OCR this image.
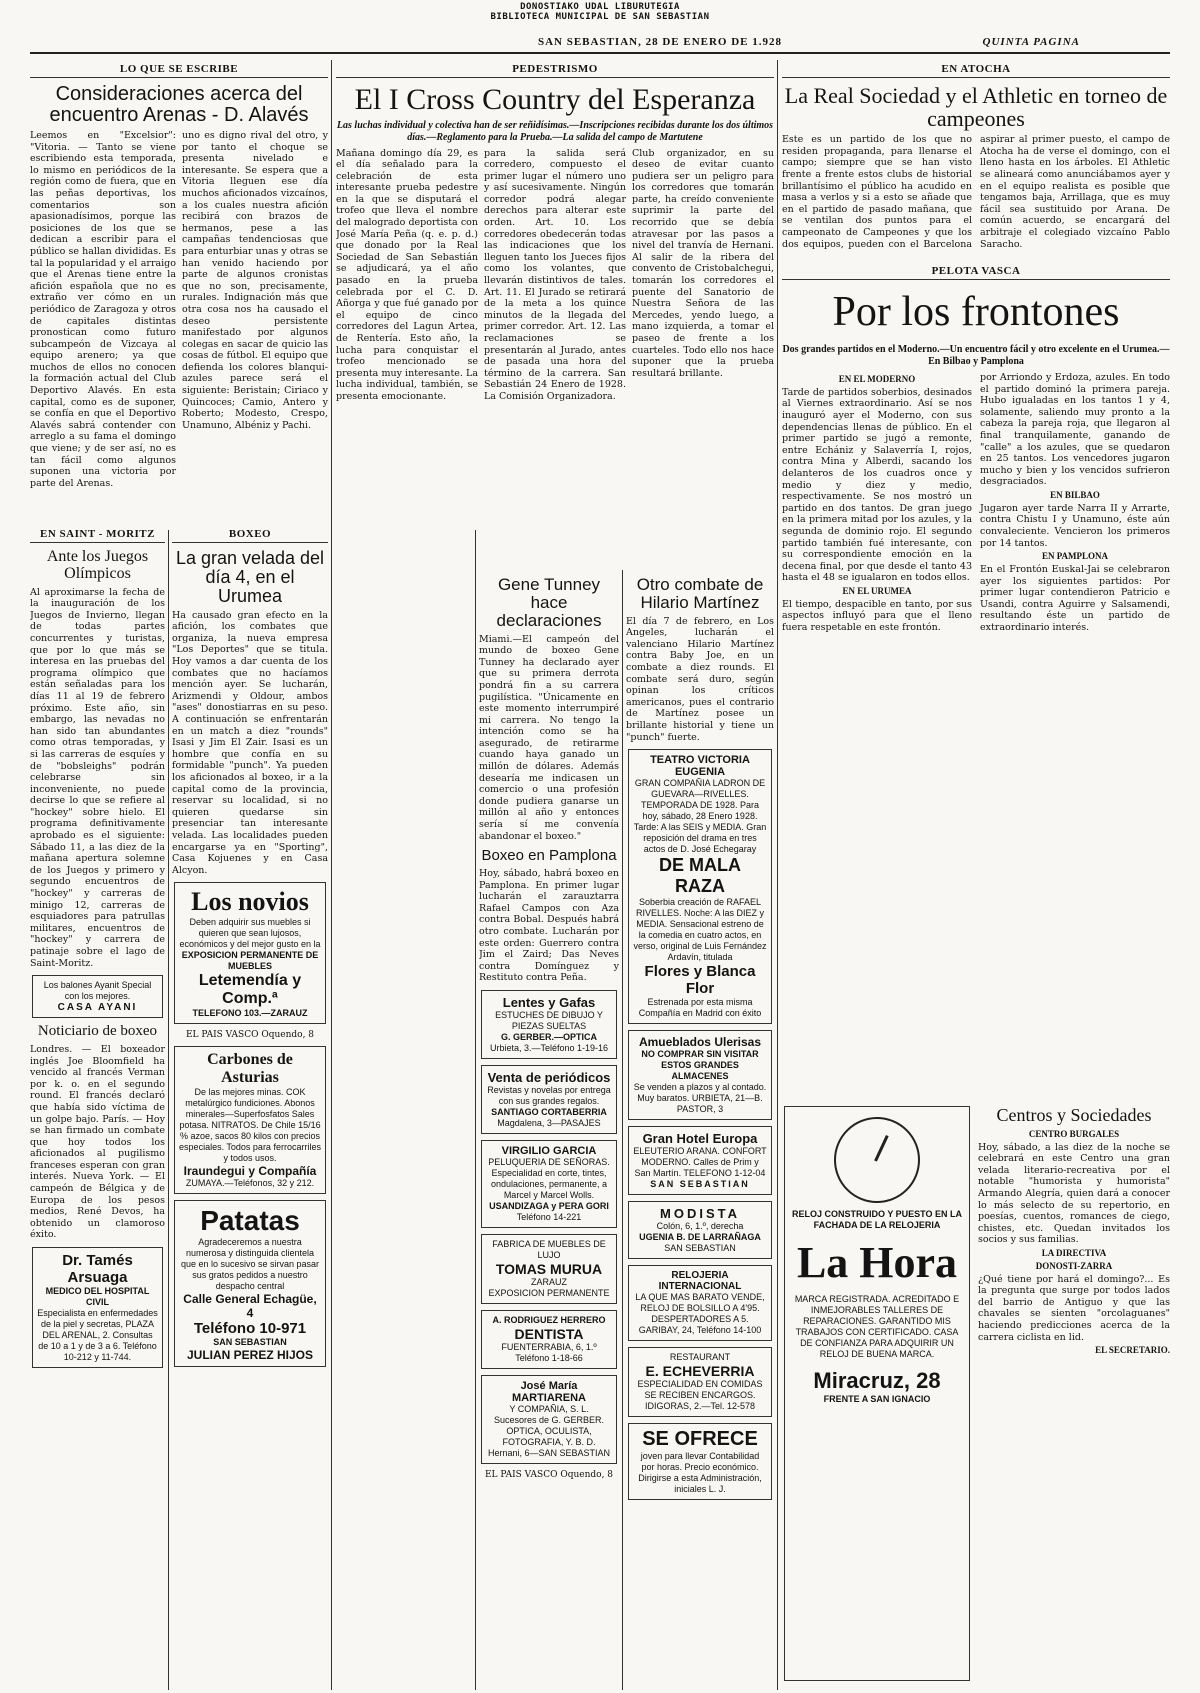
DONOSTIAKO UDAL LIBURUTEGIA
BIBLIOTECA MUNICIPAL DE SAN SEBASTIAN
SAN SEBASTIAN, 28 DE ENERO DE 1.928	QUINTA PAGINA
LO QUE SE ESCRIBE
Consideraciones acerca del encuentro Arenas - D. Alavés
Leemos en "Excelsior": "Vitoria. — Tanto se viene escribiendo esta temporada, lo mismo en periódicos de la región como de fuera, que en las peñas deportivas, los comentarios son apasionadísimos, porque las posiciones de los que se dedican a escribir para el público se hallan divididas. Es tal la popularidad y el arraigo que el Arenas tiene entre la afición española que no es extraño ver cómo en un periódico de Zaragoza y otros de capitales distintas pronostican como futuro subcampeón de Vizcaya al equipo arenero; ya que muchos de ellos no conocen la formación actual del Club Deportivo Alavés. En esta capital, como es de suponer, se confía en que el Deportivo Alavés sabrá contender con arreglo a su fama el domingo que viene; y de ser así, no es tan fácil como algunos suponen una victoria por parte del Arenas.
uno es digno rival del otro, y por tanto el choque se presenta nivelado e interesante. Se espera que a Vitoria lleguen ese día muchos aficionados vizcaínos, a los cuales nuestra afición recibirá con brazos de hermanos, pese a las campañas tendenciosas que para enturbiar unas y otras se han venido haciendo por parte de algunos cronistas que no son, precisamente, rurales. Indignación más que otra cosa nos ha causado el deseo persistente manifestado por algunos colegas en sacar de quicio las cosas de fútbol. El equipo que defienda los colores blanqui-azules parece será el siguiente: Beristain; Ciriaco y Quincoces; Camio, Antero y Roberto; Modesto, Crespo, Unamuno, Albéniz y Pachi.
PEDESTRISMO
El I Cross Country del Esperanza
Las luchas individual y colectiva han de ser reñidísimas.—Inscripciones recibidas durante los dos últimos días.—Reglamento para la Prueba.—La salida del campo de Martutene
Mañana domingo día 29, es el día señalado para la celebración de esta interesante prueba pedestre en la que se disputará el trofeo que lleva el nombre del malogrado deportista con José María Peña (q. e. p. d.) que donado por la Real Sociedad de San Sebastián se adjudicará, ya el año pasado en la prueba celebrada por el C. D. Añorga y que fué ganado por el equipo de cinco corredores del Lagun Artea, de Rentería. Esto año, la lucha para conquistar el trofeo mencionado se presenta muy interesante. La lucha individual, también, se presenta emocionante.
para la salida será corredero, compuesto el primer lugar el número uno y así sucesivamente. Ningún corredor podrá alegar derechos para alterar este orden. Art. 10. Los corredores obedecerán todas las indicaciones que los lleguen tanto los Jueces fijos como los volantes, que llevarán distintivos de tales. Art. 11. El Jurado se retirará de la meta a los quince minutos de la llegada del primer corredor. Art. 12. Las reclamaciones se presentarán al Jurado, antes de pasada una hora del término de la carrera. San Sebastián 24 Enero de 1928. La Comisión Organizadora.
Club organizador, en su deseo de evitar cuanto pudiera ser un peligro para los corredores que tomarán parte, ha creído conveniente suprimir la parte del recorrido que se debía atravesar por las pasos a nivel del tranvía de Hernani. Al salir de la ribera del convento de Cristobalchegui, tomarán los corredores el puente del Sanatorio de Nuestra Señora de las Mercedes, yendo luego, a mano izquierda, a tomar el paseo de frente a los cuarteles. Todo ello nos hace suponer que la prueba resultará brillante.
EN ATOCHA
La Real Sociedad y el Athletic en torneo de campeones
Este es un partido de los que no residen propaganda, para llenarse el campo; siempre que se han visto frente a frente estos clubs de historial brillantísimo el público ha acudido en masa a verlos y si a esto se añade que en el partido de pasado mañana, que se ventilan dos puntos para el campeonato de Campeones y que los dos equipos, pueden con el Barcelona aspirar al primer puesto, el campo de Atocha ha de verse el domingo, con el lleno hasta en los árboles. El Athletic se alineará como anunciábamos ayer y en el equipo realista es posible que tengamos baja, Arrillaga, que es muy fácil sea sustituido por Arana. De común acuerdo, se encargará del arbitraje el colegiado vizcaíno Pablo Saracho.
PELOTA VASCA
Por los frontones
Dos grandes partidos en el Moderno.—Un encuentro fácil y otro excelente en el Urumea.—En Bilbao y Pamplona
EN EL MODERNO
Tarde de partidos soberbios, desinados al Viernes extraordinario. Así se nos inauguró ayer el Moderno, con sus dependencias llenas de público. En el primer partido se jugó a remonte, entre Echániz y Salaverría I, rojos, contra Mina y Alberdi, sacando los delanteros de los cuadros once y medio y diez y medio, respectivamente. Se nos mostró un partido en dos tantos. De gran juego en la primera mitad por los azules, y la segunda de dominio rojo. El segundo partido también fué interesante, con su correspondiente emoción en la decena final, por que desde el tanto 43 hasta el 48 se igualaron en todos ellos.
EN EL URUMEA
El tiempo, despacible en tanto, por sus aspectos influyó para que el lleno fuera respetable en este frontón.
por Arriondo y Erdoza, azules. En todo el partido dominó la primera pareja. Hubo igualadas en los tantos 1 y 4, solamente, saliendo muy pronto a la cabeza la pareja roja, que llegaron al final tranquilamente, ganando de "calle" a los azules, que se quedaron en 25 tantos. Los vencedores jugaron mucho y bien y los vencidos sufrieron desgraciados.
EN BILBAO
Jugaron ayer tarde Narra II y Arrarte, contra Chistu I y Unamuno, éste aún convaleciente. Vencieron los primeros por 14 tantos.
EN PAMPLONA
En el Frontón Euskal-Jai se celebraron ayer los siguientes partidos: Por primer lugar contendieron Patricio e Usandi, contra Aguirre y Salsamendi, resultando éste un partido de extraordinario interés.
Centros y Sociedades
CENTRO BURGALES
Hoy, sábado, a las diez de la noche se celebrará en este Centro una gran velada literario-recreativa por el notable "humorista y humorista" Armando Alegría, quien dará a conocer lo más selecto de su repertorio, en poesías, cuentos, romances de ciego, chistes, etc. Quedan invitados los socios y sus familias.
LA DIRECTIVA
DONOSTI-ZARRA
¿Qué tiene por hará el domingo?... Es la pregunta que surge por todos lados del barrio de Antiguo y que las chavales se sienten "orcolaguanes" haciendo predicciones acerca de la carrera ciclista en lid.
EL SECRETARIO.
RELOJ CONSTRUIDO Y PUESTO EN LA FACHADA DE LA RELOJERIA
La Hora
MARCA REGISTRADA. ACREDITADO E INMEJORABLES TALLERES DE REPARACIONES. GARANTIDO MIS TRABAJOS CON CERTIFICADO. CASA DE CONFIANZA PARA ADQUIRIR UN RELOJ DE BUENA MARCA.
Miracruz, 28
FRENTE A SAN IGNACIO
EN SAINT - MORITZ
Ante los Juegos Olímpicos
Al aproximarse la fecha de la inauguración de los Juegos de Invierno, llegan de todas partes concurrentes y turistas, que por lo que más se interesa en las pruebas del programa olímpico que están señaladas para los días 11 al 19 de febrero próximo. Este año, sin embargo, las nevadas no han sido tan abundantes como otras temporadas, y si las carreras de esquíes y de "bobsleighs" podrán celebrarse sin inconveniente, no puede decirse lo que se refiere al "hockey" sobre hielo. El programa definitivamente aprobado es el siguiente: Sábado 11, a las diez de la mañana apertura solemne de los Juegos y primero y segundo encuentros de "hockey" y carreras de minigo 12, carreras de esquiadores para patrullas militares, encuentros de "hockey" y carrera de patinaje sobre el lago de Saint-Moritz.
Los balones Ayanit Special con los mejores.
CASA AYANI
Noticiario de boxeo
Londres. — El boxeador inglés Joe Bloomfield ha vencido al francés Verman por k. o. en el segundo round. El francés declaró que había sido víctima de un golpe bajo. París. — Hoy se han firmado un combate que hoy todos los aficionados al pugilismo franceses esperan con gran interés. Nueva York. — El campeón de Bélgica y de Europa de los pesos medios, René Devos, ha obtenido un clamoroso éxito.
Dr. Tamés Arsuaga
MEDICO DEL HOSPITAL CIVIL
Especialista en enfermedades de la piel y secretas, PLAZA DEL ARENAL, 2. Consultas de 10 a 1 y de 3 a 6. Teléfono 10-212 y 11-744.
BOXEO
La gran velada del día 4, en el Urumea
Ha causado gran efecto en la afición, los combates que organiza, la nueva empresa "Los Deportes" que se titula. Hoy vamos a dar cuenta de los combates que no hacíamos mención ayer. Se lucharán, Arizmendi y Oldour, ambos "ases" donostiarras en su peso. A continuación se enfrentarán en un match a diez "rounds" Isasi y Jim El Zair. Isasi es un hombre que confía en su formidable "punch". Ya pueden los aficionados al boxeo, ir a la capital como de la provincia, reservar su localidad, si no quieren quedarse sin presenciar tan interesante velada. Las localidades pueden encargarse ya en "Sporting", Casa Kojuenes y en Casa Alcyon.
Los novios
Deben adquirir sus muebles si quieren que sean lujosos, económicos y del mejor gusto en la
EXPOSICION PERMANENTE DE MUEBLES
Letemendía y Comp.ª
TELEFONO 103.—ZARAUZ
EL PAIS VASCO Oquendo, 8
Carbones de Asturias
De las mejores minas. COK metalúrgico fundiciones. Abonos minerales—Superfosfatos Sales potasa. NITRATOS. De Chile 15/16 % azoe, sacos 80 kilos con precios especiales. Todos para ferrocarriles y todos usos.
Iraundegui y Compañía
ZUMAYA.—Teléfonos, 32 y 212.
Patatas
Agradeceremos a nuestra numerosa y distinguida clientela que en lo sucesivo se sirvan pasar sus gratos pedidos a nuestro despacho central
Calle General Echagüe, 4
Teléfono 10-971
SAN SEBASTIAN
JULIAN PEREZ HIJOS
Gene Tunney hace declaraciones
Miami.—El campeón del mundo de boxeo Gene Tunney ha declarado ayer que su primera derrota pondrá fin a su carrera pugilística. "Únicamente en este momento interrumpiré mi carrera. No tengo la intención como se ha asegurado, de retirarme cuando haya ganado un millón de dólares. Además desearía me indicasen un comercio o una profesión donde pudiera ganarse un millón al año y entonces sería sí me convenía abandonar el boxeo."
Boxeo en Pamplona
Hoy, sábado, habrá boxeo en Pamplona. En primer lugar lucharán el zarauztarra Rafael Campos con Aza contra Bobal. Después habrá otro combate. Lucharán por este orden: Guerrero contra Jim el Zaird; Das Neves contra Domínguez y Restituto contra Peña.
Lentes y Gafas
ESTUCHES DE DIBUJO Y PIEZAS SUELTAS
G. GERBER.—OPTICA
Urbieta, 3.—Teléfono 1-19-16
Venta de periódicos
Revistas y novelas por entrega con sus grandes regalos.
SANTIAGO CORTABERRIA
Magdalena, 3—PASAJES
VIRGILIO GARCIA
PELUQUERIA DE SEÑORAS. Especialidad en corte, tintes, ondulaciones, permanente, a Marcel y Marcel Wolls.
USANDIZAGA y PERA GORI
Teléfono 14-221
FABRICA DE MUEBLES DE LUJO
TOMAS MURUA
ZARAUZ
EXPOSICION PERMANENTE
A. RODRIGUEZ HERRERO
DENTISTA
FUENTERRABIA, 6, 1.º
Teléfono 1-18-66
José María MARTIARENA
Y COMPAÑIA, S. L.
Sucesores de G. GERBER. OPTICA, OCULISTA, FOTOGRAFIA, Y. B. D.
Hernani, 6—SAN SEBASTIAN
EL PAIS VASCO Oquendo, 8
Otro combate de Hilario Martínez
El día 7 de febrero, en Los Angeles, lucharán el valenciano Hilario Martínez contra Baby Joe, en un combate a diez rounds. El combate será duro, según opinan los críticos americanos, pues el contrario de Martínez posee un brillante historial y tiene un "punch" fuerte.
TEATRO VICTORIA EUGENIA
GRAN COMPAÑIA LADRON DE GUEVARA—RIVELLES. TEMPORADA DE 1928. Para hoy, sábado, 28 Enero 1928. Tarde: A las SEIS y MEDIA. Gran reposición del drama en tres actos de D. José Echegaray
DE MALA RAZA
Soberbia creación de RAFAEL RIVELLES. Noche: A las DIEZ y MEDIA. Sensacional estreno de la comedia en cuatro actos, en verso, original de Luis Fernández Ardavín, titulada
Flores y Blanca Flor
Estrenada por esta misma Compañía en Madrid con éxito
Amueblados Ulerisas
NO COMPRAR SIN VISITAR ESTOS GRANDES ALMACENES
Se venden a plazos y al contado. Muy baratos. URBIETA, 21—B. PASTOR, 3
Gran Hotel Europa
ELEUTERIO ARANA. CONFORT MODERNO. Calles de Prim y San Martín. TELEFONO 1-12-04
SAN SEBASTIAN
MODISTA
Colón, 6, 1.º, derecha
UGENIA B. DE LARRAÑAGA
SAN SEBASTIAN
RELOJERIA INTERNACIONAL
LA QUE MAS BARATO VENDE, RELOJ DE BOLSILLO A 4'95. DESPERTADORES A 5. GARIBAY, 24, Teléfono 14-100
RESTAURANT
E. ECHEVERRIA
ESPECIALIDAD EN COMIDAS SE RECIBEN ENCARGOS. IDIGORAS, 2.—Tel. 12-578
SE OFRECE
joven para llevar Contabilidad por horas. Precio económico. Dirigirse a esta Administración, iniciales L. J.
